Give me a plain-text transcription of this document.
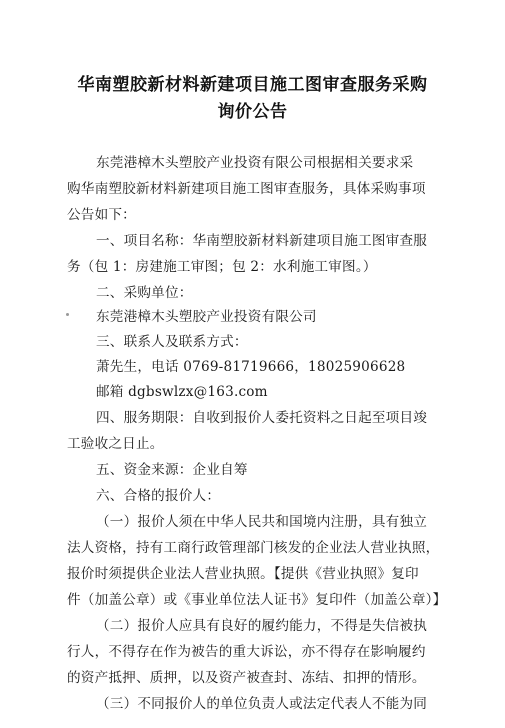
华南塑胶新材料新建项目施工图审查服务采购
询价公告
东莞港樟木头塑胶产业投资有限公司根据相关要求采
购华南塑胶新材料新建项目施工图审查服务，具体采购事项
公告如下：
一、项目名称：华南塑胶新材料新建项目施工图审查服
务（包 1：房建施工审图；包 2：水利施工审图。）
二、采购单位：
东莞港樟木头塑胶产业投资有限公司
三、联系人及联系方式：
萧先生，电话 0769-81719666，18025906628
邮箱 dgbswlzx@163.com
四、服务期限：自收到报价人委托资料之日起至项目竣
工验收之日止。
五、资金来源：企业自筹
六、合格的报价人：
（一）报价人须在中华人民共和国境内注册，具有独立
法人资格，持有工商行政管理部门核发的企业法人营业执照，
报价时须提供企业法人营业执照。【提供《营业执照》复印
件（加盖公章）或《事业单位法人证书》复印件（加盖公章）】
（二）报价人应具有良好的履约能力，不得是失信被执
行人，不得存在作为被告的重大诉讼，亦不得存在影响履约
的资产抵押、质押，以及资产被查封、冻结、扣押的情形。
（三）不同报价人的单位负责人或法定代表人不能为同
